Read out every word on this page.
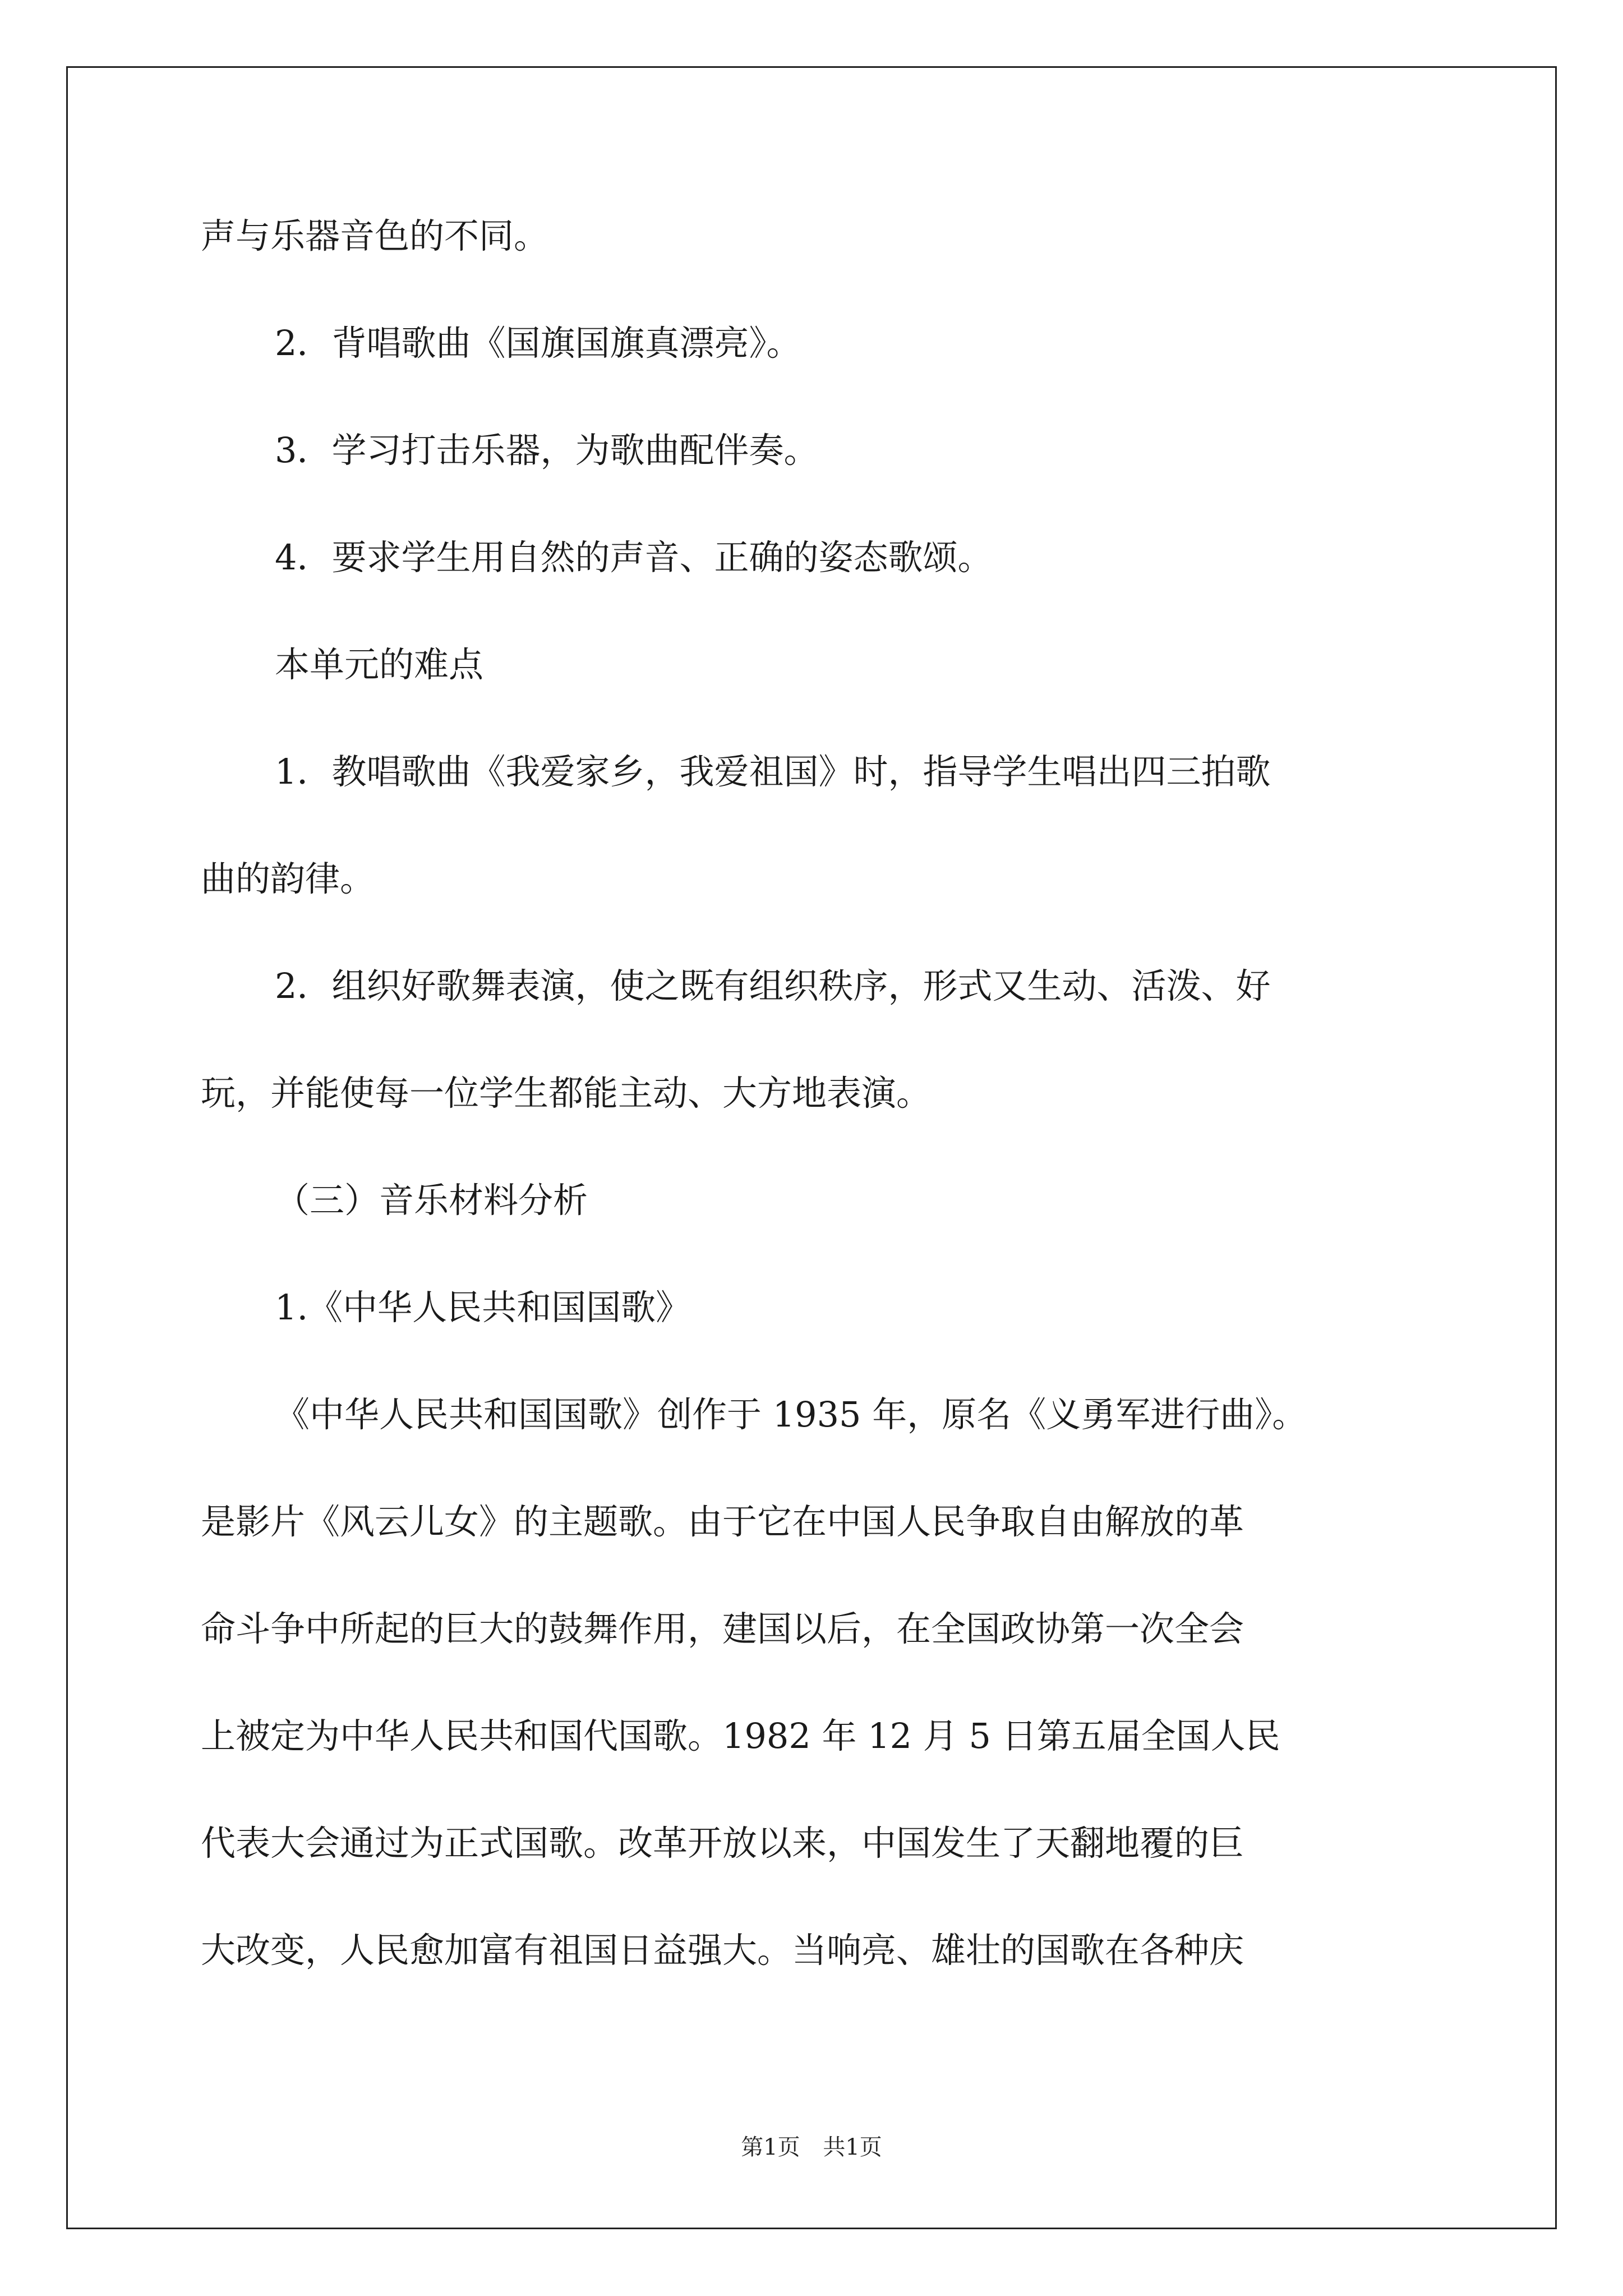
声与乐器音色的不同。
2．背唱歌曲《国旗国旗真漂亮》。
3．学习打击乐器，为歌曲配伴奏。
4．要求学生用自然的声音、正确的姿态歌颂。
本单元的难点
1．教唱歌曲《我爱家乡，我爱祖国》时，指导学生唱出四三拍歌
曲的韵律。
2．组织好歌舞表演，使之既有组织秩序，形式又生动、活泼、好
玩，并能使每一位学生都能主动、大方地表演。
（三）音乐材料分析
1.《中华人民共和国国歌》
《中华人民共和国国歌》创作于 1935 年，原名《义勇军进行曲》。
是影片《风云儿女》的主题歌。由于它在中国人民争取自由解放的革
命斗争中所起的巨大的鼓舞作用，建国以后，在全国政协第一次全会
上被定为中华人民共和国代国歌。1982 年 12 月 5 日第五届全国人民
代表大会通过为正式国歌。改革开放以来，中国发生了天翻地覆的巨
大改变，人民愈加富有祖国日益强大。当响亮、雄壮的国歌在各种庆
第1页 共1页
